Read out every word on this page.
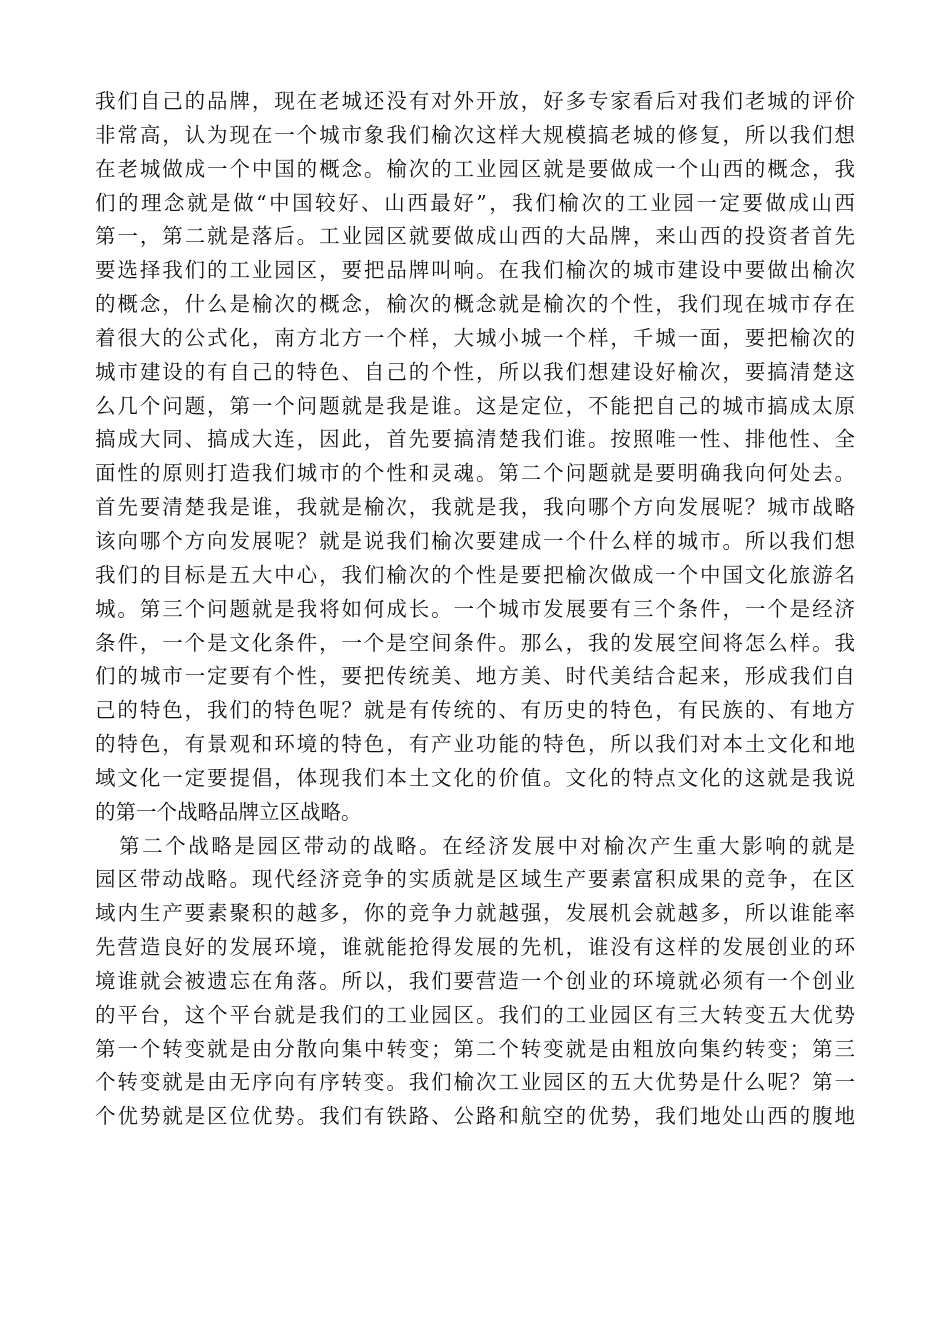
我们自己的品牌，现在老城还没有对外开放，好多专家看后对我们老城的评价
非常高，认为现在一个城市象我们榆次这样大规模搞老城的修复，所以我们想
在老城做成一个中国的概念。榆次的工业园区就是要做成一个山西的概念，我
们的理念就是做“中国较好、山西最好”，我们榆次的工业园一定要做成山西
第一，第二就是落后。工业园区就要做成山西的大品牌，来山西的投资者首先
要选择我们的工业园区，要把品牌叫响。在我们榆次的城市建设中要做出榆次
的概念，什么是榆次的概念，榆次的概念就是榆次的个性，我们现在城市存在
着很大的公式化，南方北方一个样，大城小城一个样，千城一面，要把榆次的
城市建设的有自己的特色、自己的个性，所以我们想建设好榆次，要搞清楚这
么几个问题，第一个问题就是我是谁。这是定位，不能把自己的城市搞成太原
搞成大同、搞成大连，因此，首先要搞清楚我们谁。按照唯一性、排他性、全
面性的原则打造我们城市的个性和灵魂。第二个问题就是要明确我向何处去。
首先要清楚我是谁，我就是榆次，我就是我，我向哪个方向发展呢？城市战略
该向哪个方向发展呢？就是说我们榆次要建成一个什么样的城市。所以我们想
我们的目标是五大中心，我们榆次的个性是要把榆次做成一个中国文化旅游名
城。第三个问题就是我将如何成长。一个城市发展要有三个条件，一个是经济
条件，一个是文化条件，一个是空间条件。那么，我的发展空间将怎么样。我
们的城市一定要有个性，要把传统美、地方美、时代美结合起来，形成我们自
己的特色，我们的特色呢？就是有传统的、有历史的特色，有民族的、有地方
的特色，有景观和环境的特色，有产业功能的特色，所以我们对本土文化和地
域文化一定要提倡，体现我们本土文化的价值。文化的特点文化的这就是我说
的第一个战略品牌立区战略。
第二个战略是园区带动的战略。在经济发展中对榆次产生重大影响的就是
园区带动战略。现代经济竞争的实质就是区域生产要素富积成果的竞争，在区
域内生产要素聚积的越多，你的竞争力就越强，发展机会就越多，所以谁能率
先营造良好的发展环境，谁就能抢得发展的先机，谁没有这样的发展创业的环
境谁就会被遗忘在角落。所以，我们要营造一个创业的环境就必须有一个创业
的平台，这个平台就是我们的工业园区。我们的工业园区有三大转变五大优势
第一个转变就是由分散向集中转变；第二个转变就是由粗放向集约转变；第三
个转变就是由无序向有序转变。我们榆次工业园区的五大优势是什么呢？第一
个优势就是区位优势。我们有铁路、公路和航空的优势，我们地处山西的腹地
